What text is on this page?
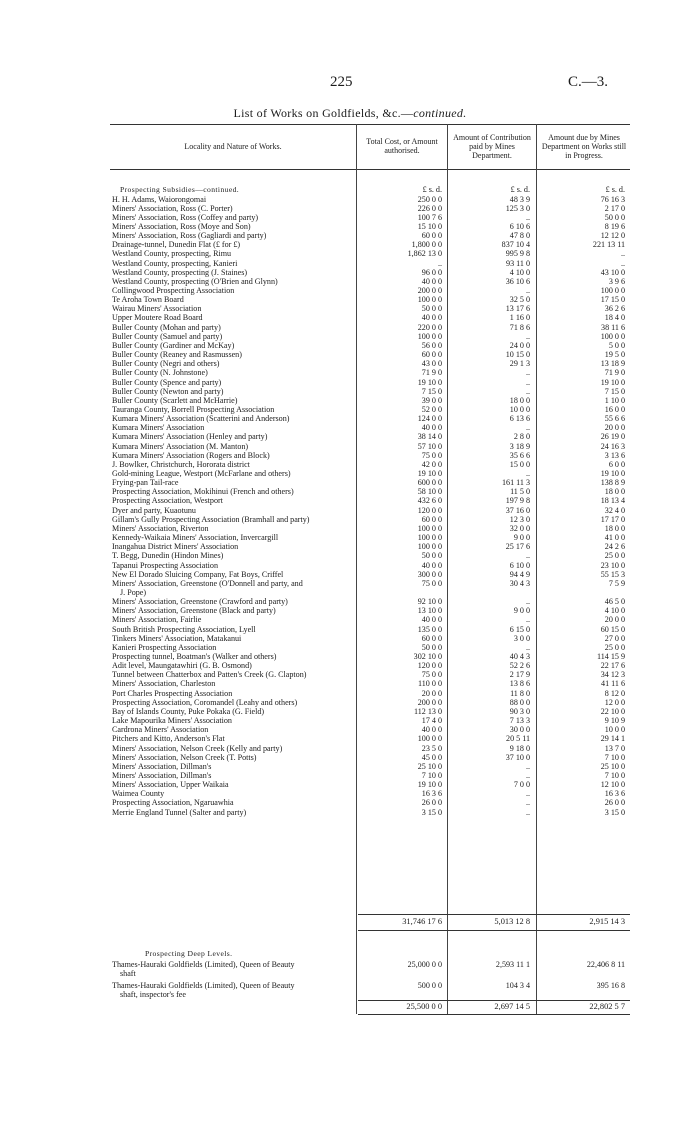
225	C.—3.
List of Works on Goldfields, &c.—continued.
Locality and Nature of Works.	Total Cost, or Amount authorised.
Amount of Contribution paid by Mines Department.
Amount due by Mines Department on Works still in Progress.
Prospecting Subsidies—continued.	£ s. d.	£ s. d.	£ s. d.
H. H. Adams, Waiorongomai	250 0 0	48 3 9	76 16 3
Miners' Association, Ross (C. Porter)	226 0 0	125 3 0	2 17 0
Miners' Association, Ross (Coffey and party)	100 7 6	..	50 0 0
Miners' Association, Ross (Moye and Son)	15 10 0	6 10 6	8 19 6
Miners' Association, Ross (Gagliardi and party)	60 0 0	47 8 0	12 12 0
Drainage-tunnel, Dunedin Flat (£ for £)	1,800 0 0	837 10 4	221 13 11
Westland County, prospecting, Rimu	1,862 13 0	995 9 8	..
Westland County, prospecting, Kanieri	..	93 11 0	..
Westland County, prospecting (J. Staines)	96 0 0	4 10 0	43 10 0
Westland County, prospecting (O'Brien and Glynn)	40 0 0	36 10 6	3 9 6
Collingwood Prospecting Association	200 0 0	..	100 0 0
Te Aroha Town Board	100 0 0	32 5 0	17 15 0
Wairau Miners' Association	50 0 0	13 17 6	36 2 6
Upper Moutere Road Board	40 0 0	1 16 0	18 4 0
Buller County (Mohan and party)	220 0 0	71 8 6	38 11 6
Buller County (Samuel and party)	100 0 0	..	100 0 0
Buller County (Gardiner and McKay)	56 0 0	24 0 0	5 0 0
Buller County (Reaney and Rasmussen)	60 0 0	10 15 0	19 5 0
Buller County (Negri and others)	43 0 0	29 1 3	13 18 9
Buller County (N. Johnstone)	71 9 0	..	71 9 0
Buller County (Spence and party)	19 10 0	..	19 10 0
Buller County (Newton and party)	7 15 0	..	7 15 0
Buller County (Scarlett and McHarrie)	39 0 0	18 0 0	1 10 0
Tauranga County, Borrell Prospecting Association	52 0 0	10 0 0	16 0 0
Kumara Miners' Association (Scatterini and Anderson)	124 0 0	6 13 6	55 6 6
Kumara Miners' Association	40 0 0	..	20 0 0
Kumara Miners' Association (Henley and party)	38 14 0	2 8 0	26 19 0
Kumara Miners' Association (M. Manton)	57 10 0	3 18 9	24 16 3
Kumara Miners' Association (Rogers and Block)	75 0 0	35 6 6	3 13 6
J. Bowlker, Christchurch, Hororata district	42 0 0	15 0 0	6 0 0
Gold-mining League, Westport (McFarlane and others)	19 10 0	..	19 10 0
Frying-pan Tail-race	600 0 0	161 11 3	138 8 9
Prospecting Association, Mokihinui (French and others)	58 10 0	11 5 0	18 0 0
Prospecting Association, Westport	432 6 0	197 9 8	18 13 4
Dyer and party, Kuaotunu	120 0 0	37 16 0	32 4 0
Gillam's Gully Prospecting Association (Bramhall and party)	60 0 0	12 3 0	17 17 0
Miners' Association, Riverton	100 0 0	32 0 0	18 0 0
Kennedy-Waikaia Miners' Association, Invercargill	100 0 0	9 0 0	41 0 0
Inangahua District Miners' Association	100 0 0	25 17 6	24 2 6
T. Begg, Dunedin (Hindon Mines)	50 0 0	..	25 0 0
Tapanui Prospecting Association	40 0 0	6 10 0	23 10 0
New El Dorado Sluicing Company, Fat Boys, Criffel	300 0 0	94 4 9	55 15 3
Miners' Association, Greenstone (O'Donnell and party, and	75 0 0	30 4 3	7 5 9
J. Pope)
Miners' Association, Greenstone (Crawford and party)	92 10 0	..	46 5 0
Miners' Association, Greenstone (Black and party)	13 10 0	9 0 0	4 10 0
Miners' Association, Fairlie	40 0 0	..	20 0 0
South British Prospecting Association, Lyell	135 0 0	6 15 0	60 15 0
Tinkers Miners' Association, Matakanui	60 0 0	3 0 0	27 0 0
Kanieri Prospecting Association	50 0 0	..	25 0 0
Prospecting tunnel, Boatman's (Walker and others)	302 10 0	40 4 3	114 15 9
Adit level, Maungatawhiri (G. B. Osmond)	120 0 0	52 2 6	22 17 6
Tunnel between Chatterbox and Patten's Creek (G. Clapton)	75 0 0	2 17 9	34 12 3
Miners' Association, Charleston	110 0 0	13 8 6	41 11 6
Port Charles Prospecting Association	20 0 0	11 8 0	8 12 0
Prospecting Association, Coromandel (Leahy and others)	200 0 0	88 0 0	12 0 0
Bay of Islands County, Puke Pokaka (G. Field)	112 13 0	90 3 0	22 10 0
Lake Mapourika Miners' Association	17 4 0	7 13 3	9 10 9
Cardrona Miners' Association	40 0 0	30 0 0	10 0 0
Pitchers and Kitto, Anderson's Flat	100 0 0	20 5 11	29 14 1
Miners' Association, Nelson Creek (Kelly and party)	23 5 0	9 18 0	13 7 0
Miners' Association, Nelson Creek (T. Potts)	45 0 0	37 10 0	7 10 0
Miners' Association, Dillman's	25 10 0	..	25 10 0
Miners' Association, Dillman's	7 10 0	..	7 10 0
Miners' Association, Upper Waikaia	19 10 0	7 0 0	12 10 0
Waimea County	16 3 6	..	16 3 6
Prospecting Association, Ngaruawhia	26 0 0	..	26 0 0
Merrie England Tunnel (Salter and party)	3 15 0	..	3 15 0
31,746 17 6	5,013 12 8	2,915 14 3
Prospecting Deep Levels.
Thames-Hauraki Goldfields (Limited), Queen of Beauty	25,000 0 0	2,593 11 1	22,406 8 11
shaft
Thames-Hauraki Goldfields (Limited), Queen of Beauty	500 0 0	104 3 4	395 16 8
shaft, inspector's fee
25,500 0 0	2,697 14 5	22,802 5 7
